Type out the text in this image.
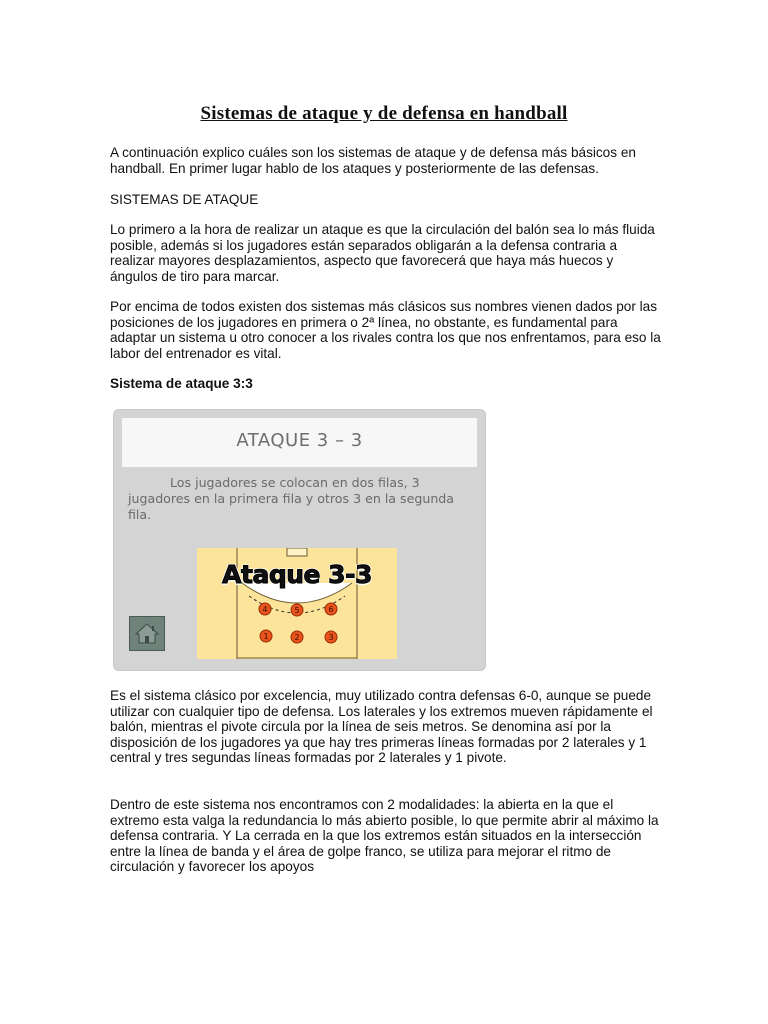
Sistemas de ataque y de defensa en handball

A continuación explico cuáles son los sistemas de ataque y de defensa más básicos en handball. En primer lugar hablo de los ataques y posteriormente de las defensas.

SISTEMAS DE ATAQUE

Lo primero a la hora de realizar un ataque es que la circulación del balón sea lo más fluida posible, además si los jugadores están separados obligarán a la defensa contraria a realizar mayores desplazamientos, aspecto que favorecerá que haya más huecos y ángulos de tiro para marcar.

Por encima de todos existen dos sistemas más clásicos sus nombres vienen dados por las posiciones de los jugadores en primera o 2ª línea, no obstante, es fundamental para adaptar un sistema u otro conocer a los rivales contra los que nos enfrentamos, para eso la labor del entrenador es vital.

Sistema de ataque 3:3

ATAQUE 3 – 3
Los jugadores se colocan en dos filas, 3 jugadores en la primera fila y otros 3 en la segunda fila.
Ataque 3-3
4	5	6
1	2	3

Es el sistema clásico por excelencia, muy utilizado contra defensas 6-0, aunque se puede utilizar con cualquier tipo de defensa. Los laterales y los extremos mueven rápidamente el balón, mientras el pivote circula por la línea de seis metros. Se denomina así por la disposición de los jugadores ya que hay tres primeras líneas formadas por 2 laterales y 1 central y tres segundas líneas formadas por 2 laterales y 1 pivote.

Dentro de este sistema nos encontramos con 2 modalidades: la abierta en la que el extremo esta valga la redundancia lo más abierto posible, lo que permite abrir al máximo la defensa contraria. Y La cerrada en la que los extremos están situados en la intersección entre la línea de banda y el área de golpe franco, se utiliza para mejorar el ritmo de circulación y favorecer los apoyos
